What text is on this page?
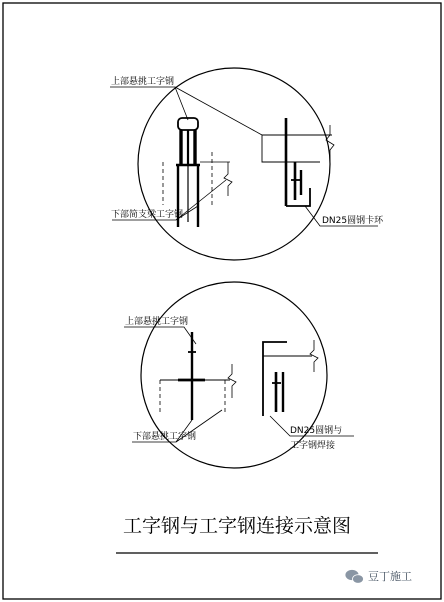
上部悬挑工字钢
下部简支梁工字钢
DN25圆钢卡环
上部悬挑工字钢
下部悬挑工字钢
DN25圆钢与
工字钢焊接
工字钢与工字钢连接示意图
豆丁施工
